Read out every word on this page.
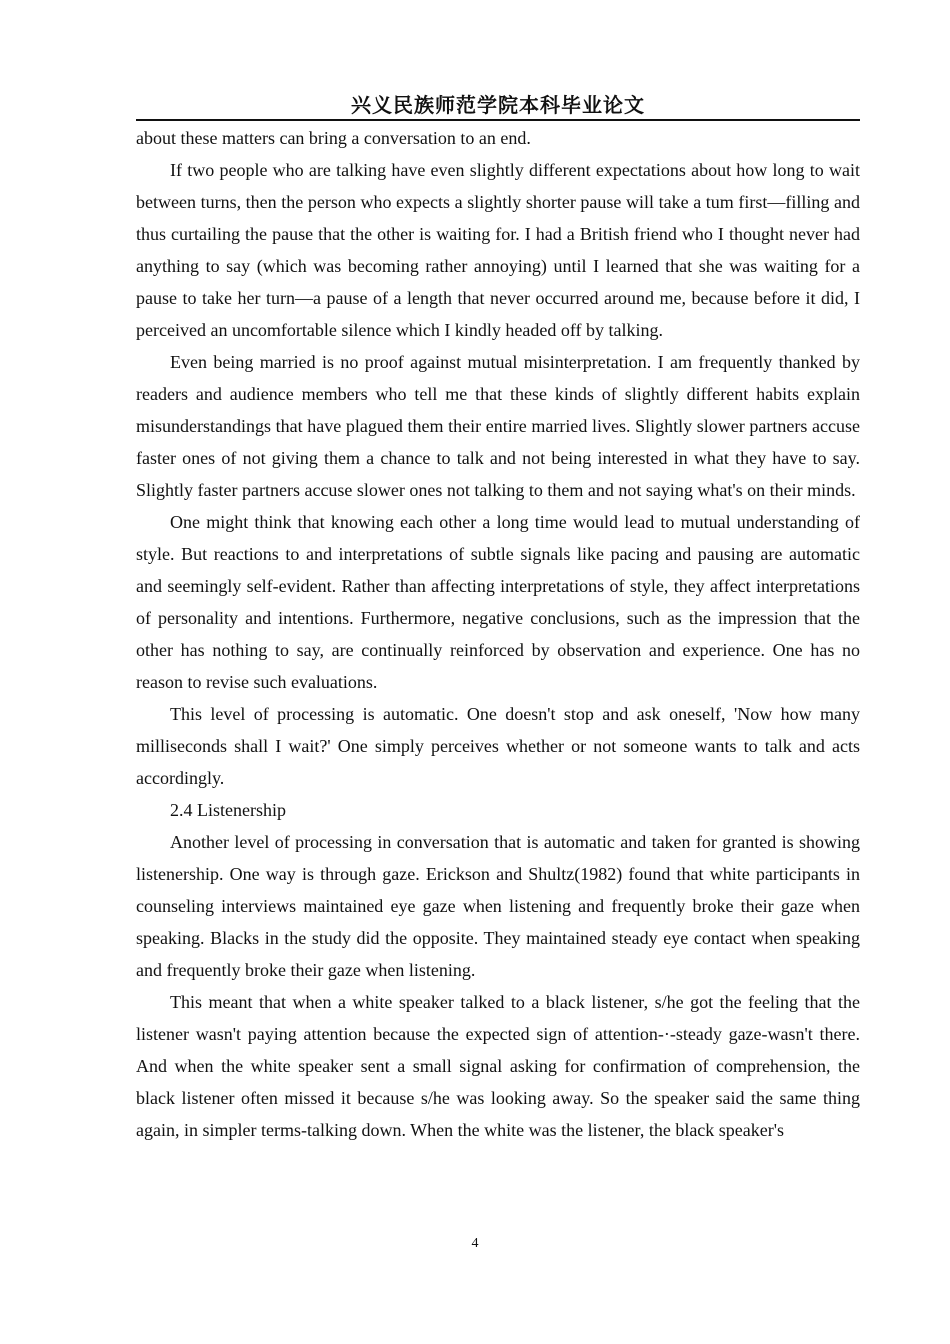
兴义民族师范学院本科毕业论文

about these matters can bring a conversation to an end.

If two people who are talking have even slightly different expectations about how long to wait between turns, then the person who expects a slightly shorter pause will take a tum first—filling and thus curtailing the pause that the other is waiting for. I had a British friend who I thought never had anything to say (which was becoming rather annoying) until I learned that she was waiting for a pause to take her turn—a pause of a length that never occurred around me, because before it did, I perceived an uncomfortable silence which I kindly headed off by talking.

Even being married is no proof against mutual misinterpretation. I am frequently thanked by readers and audience members who tell me that these kinds of slightly different habits explain misunderstandings that have plagued them their entire married lives. Slightly slower partners accuse faster ones of not giving them a chance to talk and not being interested in what they have to say. Slightly faster partners accuse slower ones not talking to them and not saying what's on their minds.

One might think that knowing each other a long time would lead to mutual understanding of style. But reactions to and interpretations of subtle signals like pacing and pausing are automatic and seemingly self-evident. Rather than affecting interpretations of style, they affect interpretations of personality and intentions. Furthermore, negative conclusions, such as the impression that the other has nothing to say, are continually reinforced by observation and experience. One has no reason to revise such evaluations.

This level of processing is automatic. One doesn't stop and ask oneself, 'Now how many milliseconds shall I wait?' One simply perceives whether or not someone wants to talk and acts accordingly.

2.4 Listenership

Another level of processing in conversation that is automatic and taken for granted is showing listenership. One way is through gaze. Erickson and Shultz(1982) found that white participants in counseling interviews maintained eye gaze when listening and frequently broke their gaze when speaking. Blacks in the study did the opposite. They maintained steady eye contact when speaking and frequently broke their gaze when listening.

This meant that when a white speaker talked to a black listener, s/he got the feeling that the listener wasn't paying attention because the expected sign of attention-·-steady gaze-wasn't there. And when the white speaker sent a small signal asking for confirmation of comprehension, the black listener often missed it because s/he was looking away. So the speaker said the same thing again, in simpler terms-talking down. When the white was the listener, the black speaker's

4
